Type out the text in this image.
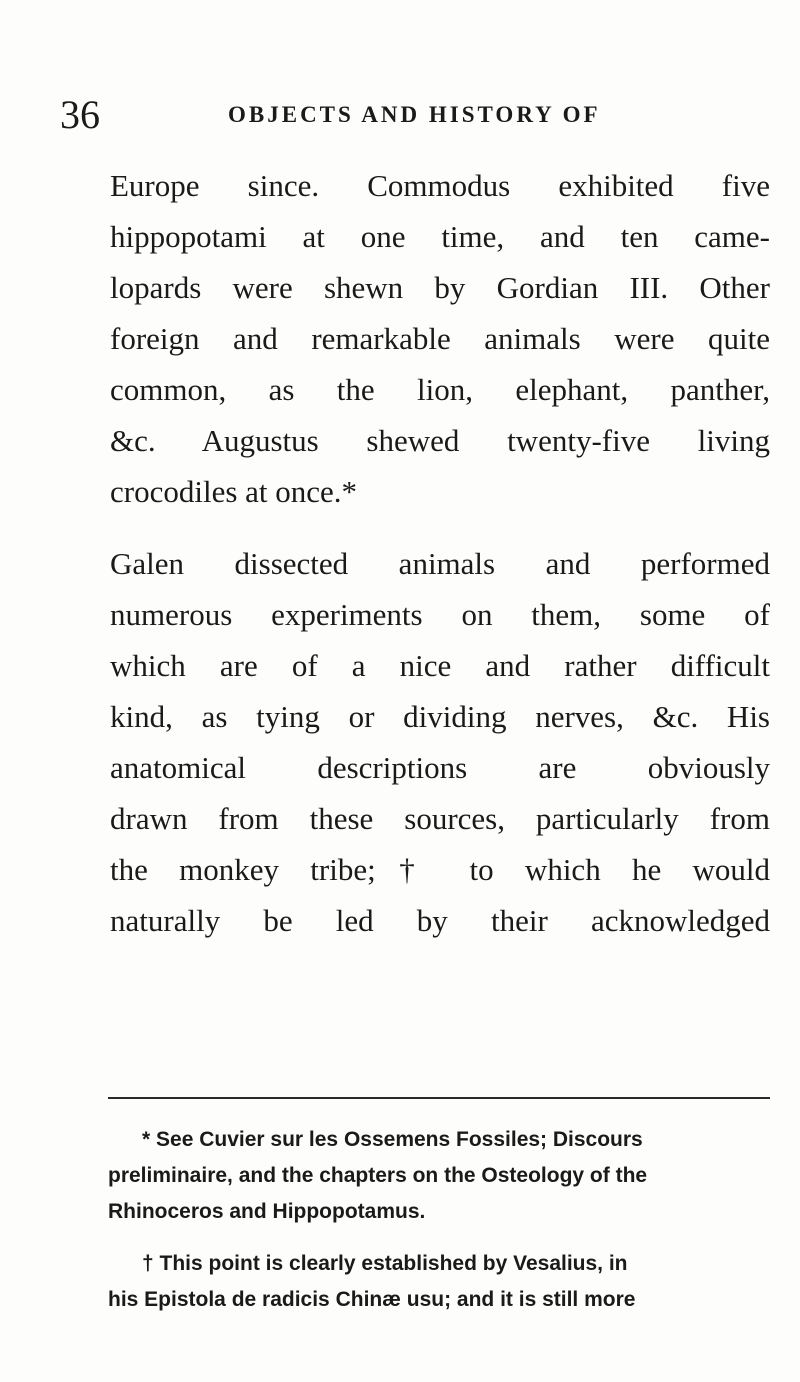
36	OBJECTS AND HISTORY OF
Europe since. Commodus exhibited five
hippopotami at one time, and ten came-
lopards were shewn by Gordian III. Other
foreign and remarkable animals were quite
common, as the lion, elephant, panther,
&c. Augustus shewed twenty-five living
crocodiles at once.*
Galen dissected animals and performed
numerous experiments on them, some of
which are of a nice and rather difficult
kind, as tying or dividing nerves, &c. His
anatomical descriptions are obviously
drawn from these sources, particularly from
the monkey tribe;† to which he would
naturally be led by their acknowledged
* See Cuvier sur les Ossemens Fossiles; Discours
preliminaire, and the chapters on the Osteology of the
Rhinoceros and Hippopotamus.
† This point is clearly established by Vesalius, in
his Epistola de radicis Chinæ usu; and it is still more
